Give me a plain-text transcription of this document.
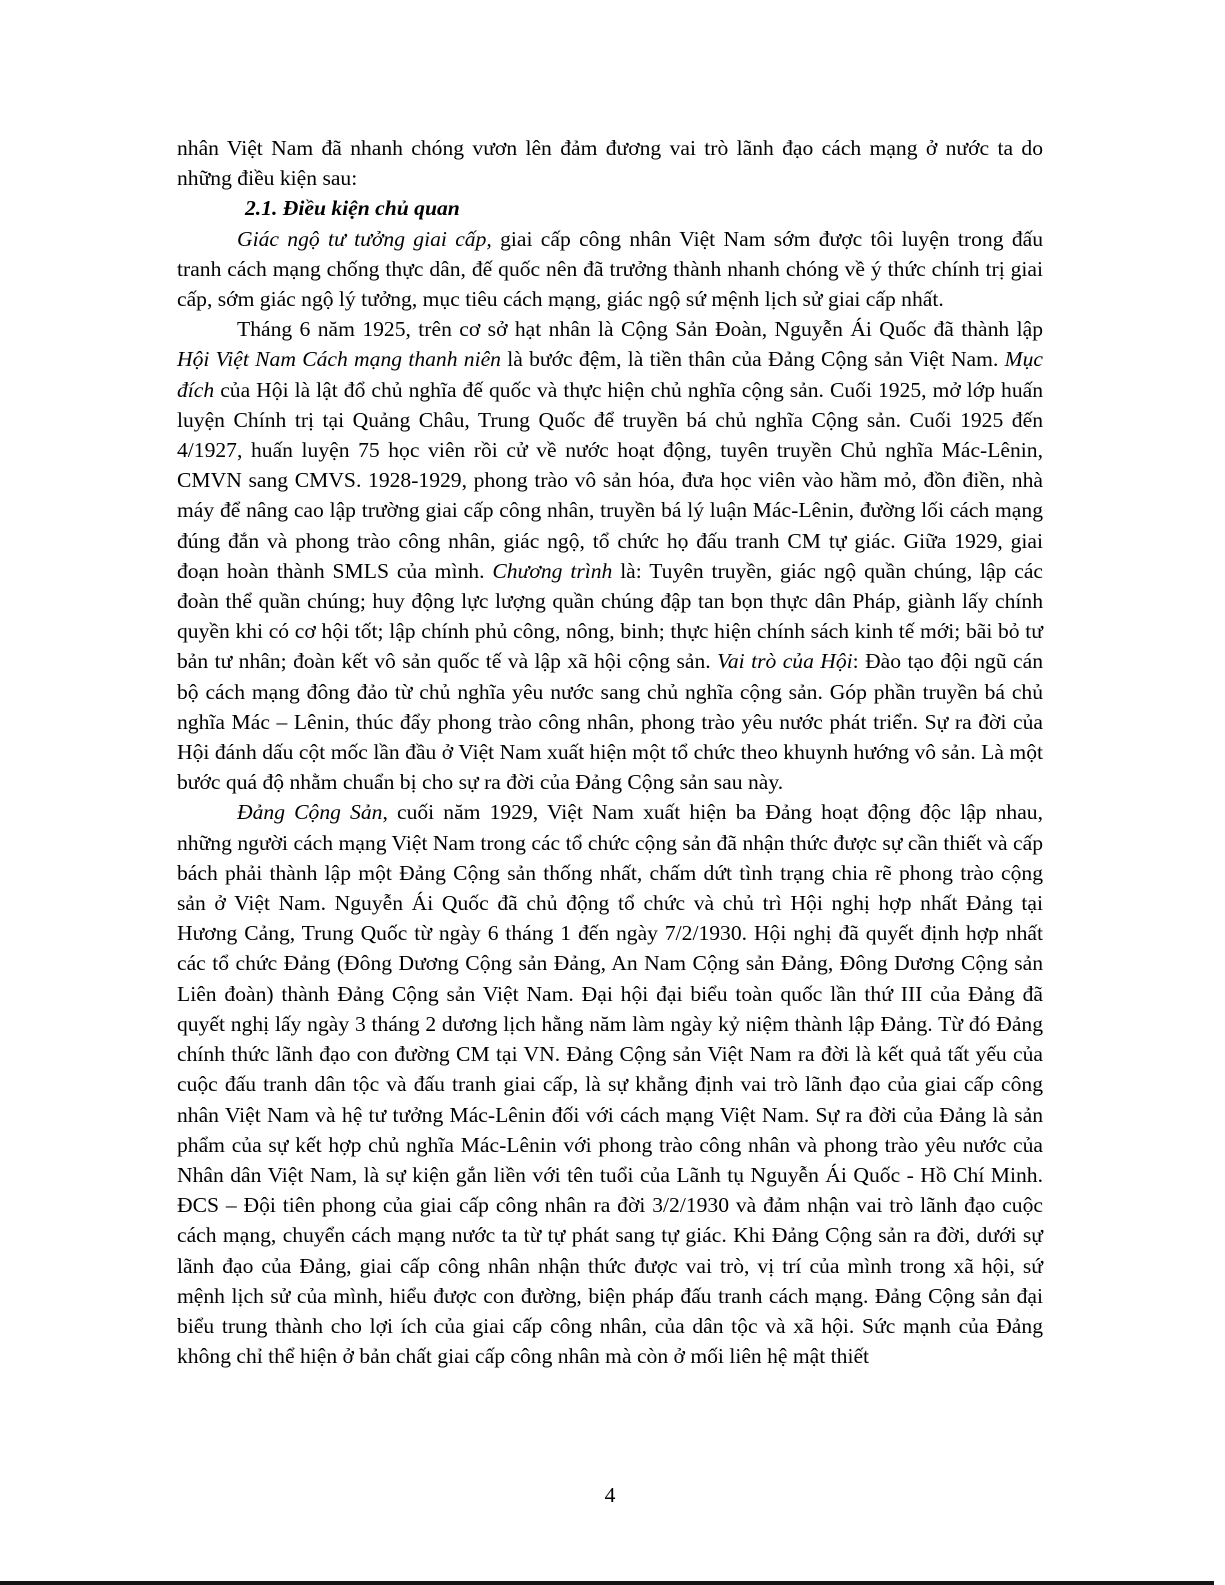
nhân Việt Nam đã nhanh chóng vươn lên đảm đương vai trò lãnh đạo cách mạng ở nước ta do những điều kiện sau:

2.1. Điều kiện chủ quan

Giác ngộ tư tưởng giai cấp, giai cấp công nhân Việt Nam sớm được tôi luyện trong đấu tranh cách mạng chống thực dân, đế quốc nên đã trưởng thành nhanh chóng về ý thức chính trị giai cấp, sớm giác ngộ lý tưởng, mục tiêu cách mạng, giác ngộ sứ mệnh lịch sử giai cấp nhất.

Tháng 6 năm 1925, trên cơ sở hạt nhân là Cộng Sản Đoàn, Nguyễn Ái Quốc đã thành lập Hội Việt Nam Cách mạng thanh niên là bước đệm, là tiền thân của Đảng Cộng sản Việt Nam. Mục đích của Hội là lật đổ chủ nghĩa đế quốc và thực hiện chủ nghĩa cộng sản. Cuối 1925, mở lớp huấn luyện Chính trị tại Quảng Châu, Trung Quốc để truyền bá chủ nghĩa Cộng sản. Cuối 1925 đến 4/1927, huấn luyện 75 học viên rồi cử về nước hoạt động, tuyên truyền Chủ nghĩa Mác-Lênin, CMVN sang CMVS. 1928-1929, phong trào vô sản hóa, đưa học viên vào hầm mỏ, đồn điền, nhà máy để nâng cao lập trường giai cấp công nhân, truyền bá lý luận Mác-Lênin, đường lối cách mạng đúng đắn và phong trào công nhân, giác ngộ, tổ chức họ đấu tranh CM tự giác. Giữa 1929, giai đoạn hoàn thành SMLS của mình. Chương trình là: Tuyên truyền, giác ngộ quần chúng, lập các đoàn thể quần chúng; huy động lực lượng quần chúng đập tan bọn thực dân Pháp, giành lấy chính quyền khi có cơ hội tốt; lập chính phủ công, nông, binh; thực hiện chính sách kinh tế mới; bãi bỏ tư bản tư nhân; đoàn kết vô sản quốc tế và lập xã hội cộng sản. Vai trò của Hội: Đào tạo đội ngũ cán bộ cách mạng đông đảo từ chủ nghĩa yêu nước sang chủ nghĩa cộng sản. Góp phần truyền bá chủ nghĩa Mác – Lênin, thúc đẩy phong trào công nhân, phong trào yêu nước phát triển. Sự ra đời của Hội đánh dấu cột mốc lần đầu ở Việt Nam xuất hiện một tổ chức theo khuynh hướng vô sản. Là một bước quá độ nhằm chuẩn bị cho sự ra đời của Đảng Cộng sản sau này.

Đảng Cộng Sản, cuối năm 1929, Việt Nam xuất hiện ba Đảng hoạt động độc lập nhau, những người cách mạng Việt Nam trong các tổ chức cộng sản đã nhận thức được sự cần thiết và cấp bách phải thành lập một Đảng Cộng sản thống nhất, chấm dứt tình trạng chia rẽ phong trào cộng sản ở Việt Nam. Nguyễn Ái Quốc đã chủ động tổ chức và chủ trì Hội nghị hợp nhất Đảng tại Hương Cảng, Trung Quốc từ ngày 6 tháng 1 đến ngày 7/2/1930. Hội nghị đã quyết định hợp nhất các tổ chức Đảng (Đông Dương Cộng sản Đảng, An Nam Cộng sản Đảng, Đông Dương Cộng sản Liên đoàn) thành Đảng Cộng sản Việt Nam. Đại hội đại biểu toàn quốc lần thứ III của Đảng đã quyết nghị lấy ngày 3 tháng 2 dương lịch hằng năm làm ngày kỷ niệm thành lập Đảng. Từ đó Đảng chính thức lãnh đạo con đường CM tại VN. Đảng Cộng sản Việt Nam ra đời là kết quả tất yếu của cuộc đấu tranh dân tộc và đấu tranh giai cấp, là sự khẳng định vai trò lãnh đạo của giai cấp công nhân Việt Nam và hệ tư tưởng Mác-Lênin đối với cách mạng Việt Nam. Sự ra đời của Đảng là sản phẩm của sự kết hợp chủ nghĩa Mác-Lênin với phong trào công nhân và phong trào yêu nước của Nhân dân Việt Nam, là sự kiện gắn liền với tên tuổi của Lãnh tụ Nguyễn Ái Quốc - Hồ Chí Minh. ĐCS – Đội tiên phong của giai cấp công nhân ra đời 3/2/1930 và đảm nhận vai trò lãnh đạo cuộc cách mạng, chuyển cách mạng nước ta từ tự phát sang tự giác. Khi Đảng Cộng sản ra đời, dưới sự lãnh đạo của Đảng, giai cấp công nhân nhận thức được vai trò, vị trí của mình trong xã hội, sứ mệnh lịch sử của mình, hiểu được con đường, biện pháp đấu tranh cách mạng. Đảng Cộng sản đại biểu trung thành cho lợi ích của giai cấp công nhân, của dân tộc và xã hội. Sức mạnh của Đảng không chỉ thể hiện ở bản chất giai cấp công nhân mà còn ở mối liên hệ mật thiết

4
